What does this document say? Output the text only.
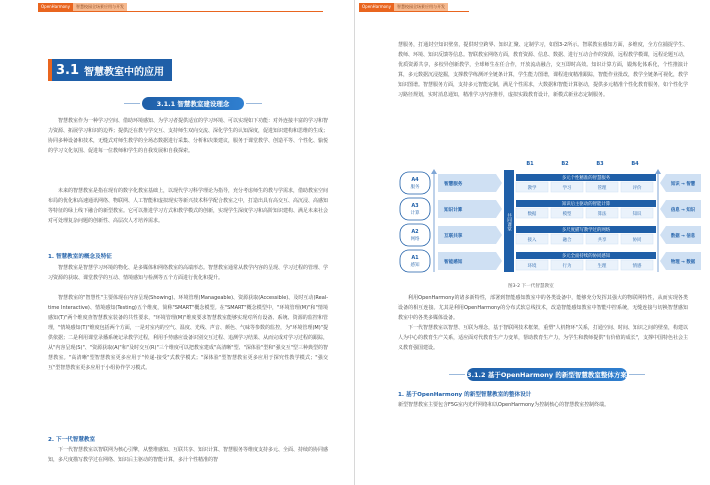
OpenHarmony	智慧校园全场景应用与开发
3.1 智慧教室中的应用
3.1.1 智慧教室建设理念
智慧教室作为一种学习空间、借助环境感知、为学习者提供适宜的学习环境、可以实现如下功能：对外连接丰富的学习和智力资源、拓展学习和识的边界；提供泛在教与学交互、支持师生双向交流、深化学生的认知深度，促进知识建构和思维的生成；协同多种设备和技术，无缝式对师生教学的全场态数据进行采集、分析和决策建议，服务于课堂教学、创造平等、个性化、愉悦的学习文化氛围、促进每一位教师和学生的自我发展和自我探索。
未来的智慧教室是指在现有的数字化教室基础上，以现代学习科学理论为指导，充分考虑师生的教与学需求，借助教室空间布局的优化和高速通讯网络、物联网、人工智能和虚拟现实等新兴技术科学配合教室之中，打造出具有高交互、高沉浸、高感知等特征的绿上线下融合的新型教室。它可以推进学习方式和教学模式的创新，实现学生深度学习和高阶知识建构、满足未来社会对可处理复杂问题的创新性、高层次人才培养需求。
1. 智慧教室的概念及特征
智慧教室是智慧学习环境的物化、是多媒体和网络教室的高端形态。智慧教室通常从教学内容的呈现、学习过程的管理、学习资源的获取、课堂教学的互动、情境感知与检测等五个方面进行优化和提升。
智慧教室的"智慧性"主要体现在内容呈现(Showing)、环境管理(Manageable)、资源获取(Accessible)、及时互动(Real-time Interactive)、情境感知(Testing)五个维度，简称"SMART"概念模型。在"SMART"概念模型中，"环境管理(M)"和"情境感知(T)"两个维度查智慧教室装备的共性要求，"环境管理(M)"维度要求智慧教室能够实现对所有设备、系统、资源的监控和管理，"情境感知(T)"维度包括两个方面，一是对室内的空气、温度、光线、声音、颜色、气味等参数的监控，为"环境管理(M)"提供依据；二是利用课堂录播系统记录教学过程，利用手势感应设备识别交互过程、追测学习结果、从而完成对学习过程的跟踪，从"内容呈现(S)"、"资源获取(A)"和"及时交互(R)"三个维度可以把教室建成"高清晰"型、"深体验"型和"强交互"型三种典型的智慧教室。"高清晰"型智慧教室更多应用于"传递-接受"式教学模式；"深体验"型智慧教室更多应用于探究性教学模式；"强交互"型智慧教室更多应用于小组协作学习模式。
2. 下一代智慧教室
下一代智慧教室以智联网为核心引擎，从整堆感知、互联共享、知识计算、智慧服务等维度支持多元、全面、持续的协同感知，多尺度描写教学过在网络、知识后主驱动的智能计算，多汁个性精准的智
OpenHarmony	智慧校园全场景应用与开发
慧服务，打通封空知识壁垒，提供时空跨界、知识汇聚、定制学习，如图3-2所示。智联教室感知方面，多维度，全方位捕捉学生、教师、环境、知识反馈等信息。智联教室网络方面，教育资源、信息、数据、进行互动合作的资源，远程教学模课，远程论题互动，优质资源共享，多校异创新教学，全球师生在任合作，开放流动融合，交互即时高效。知识计算方面，锻炼化体系化，个性推演计算，多元数据沉浸挖掘，支撑教学练测评全链条计算，学生能力图谱，课程进度精准跟踪，智能作业批改，教学全链条可视化，教学知识图谱。智慧服务方面，支持多元智能定制，满足个性需求，大数据和智能计算驱动，提供多元精准个性化教育服务，如个性化学习路径规划，实时消息通知，精准学习内容推荐，虚拟实践教育设计，新模式新业态定制服务。
利用OpenHarmony的诸多新特性，部署到智能感知教室中的各类设备中，能够充分发挥其强大的物联网特性，从而实现各类设备的相互连接。尤其是利用OpenHarmony的分布式软总线技术，改造智能感知教室中智能中控系统，无缝连接与切换智慧感知教室中的各类多媒体设备。
下一代智慧教室以智慧、互联为理念，基于智联网技术框架，重塑"人机物环"关系，打通空间、时间、知识之间的壁垒，构建以人为中心的教育生产关系，适应面对代教育生产力变革，帮助教育生产力，为学生和教师提供"有价值的成长"，支撑中国特色社会主义教育强国建设。
3.1.2 基于OpenHarmony 的新型智慧教室整体方案
1. 基于OpenHarmony 的新型智慧教室的整体设计
新型智慧教室主要包含F5G室内光纤网络和以OpenHarmony为控制核心的智慧教室控制终端。
B1	B2	B3	B4
A4
服务
A3
计算
A2
网络
A1
感知
智慧服务
知识计算
互联共享
智能感知
共同课堂
多元个性精准的智慧服务
教学	学习	管理	评价
知识后主驱动的智能计算
数据	模型	算法	知识
多尺度描写教学过的网络
接入	融合	共享	协同
多元全面持续的协同感知
环境	行为	生理	情感
知识 → 智慧
信息 → 知识
数据 → 信息
物理 → 数据
图3-2 下一代智慧教室
